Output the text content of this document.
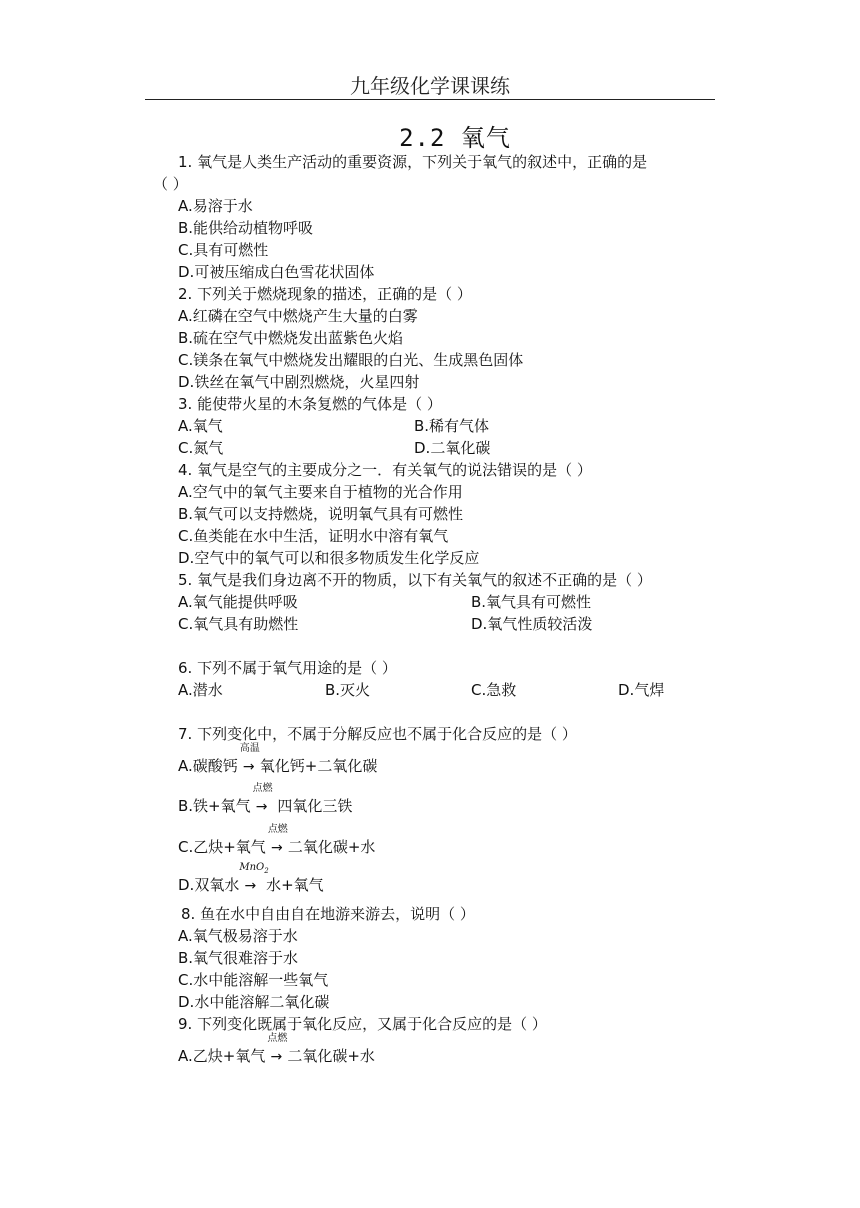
九年级化学课课练
2.2 氧气
1. 氧气是人类生产活动的重要资源，下列关于氧气的叙述中，正确的是
（ ）
A.易溶于水
B.能供给动植物呼吸
C.具有可燃性
D.可被压缩成白色雪花状固体
2. 下列关于燃烧现象的描述，正确的是（ ）
A.红磷在空气中燃烧产生大量的白雾
B.硫在空气中燃烧发出蓝紫色火焰
C.镁条在氧气中燃烧发出耀眼的白光、生成黑色固体
D.铁丝在氧气中剧烈燃烧，火星四射
3. 能使带火星的木条复燃的气体是（ ）
A.氧气	B.稀有气体
C.氮气	D.二氧化碳
4. 氧气是空气的主要成分之一．有关氧气的说法错误的是（ ）
A.空气中的氧气主要来自于植物的光合作用
B.氧气可以支持燃烧，说明氧气具有可燃性
C.鱼类能在水中生活，证明水中溶有氧气
D.空气中的氧气可以和很多物质发生化学反应
5. 氧气是我们身边离不开的物质，以下有关氧气的叙述不正确的是（ ）
A.氧气能提供呼吸	B.氧气具有可燃性
C.氧气具有助燃性	D.氧气性质较活泼
6. 下列不属于氧气用途的是（ ）
A.潜水	B.灭火	C.急救	D.气焊
7. 下列变化中，不属于分解反应也不属于化合反应的是（ ）
A.碳酸钙
高温
→ 氧化钙+二氧化碳
B.铁+氧气
点燃
→ 四氧化三铁
C.乙炔+氧气
点燃
→ 二氧化碳+水
D.双氧水
MnO$_2$
→ 水+氧气
8. 鱼在水中自由自在地游来游去，说明（ ）
A.氧气极易溶于水
B.氧气很难溶于水
C.水中能溶解一些氧气
D.水中能溶解二氧化碳
9. 下列变化既属于氧化反应，又属于化合反应的是（ ）
A.乙炔+氧气
点燃
→ 二氧化碳+水
